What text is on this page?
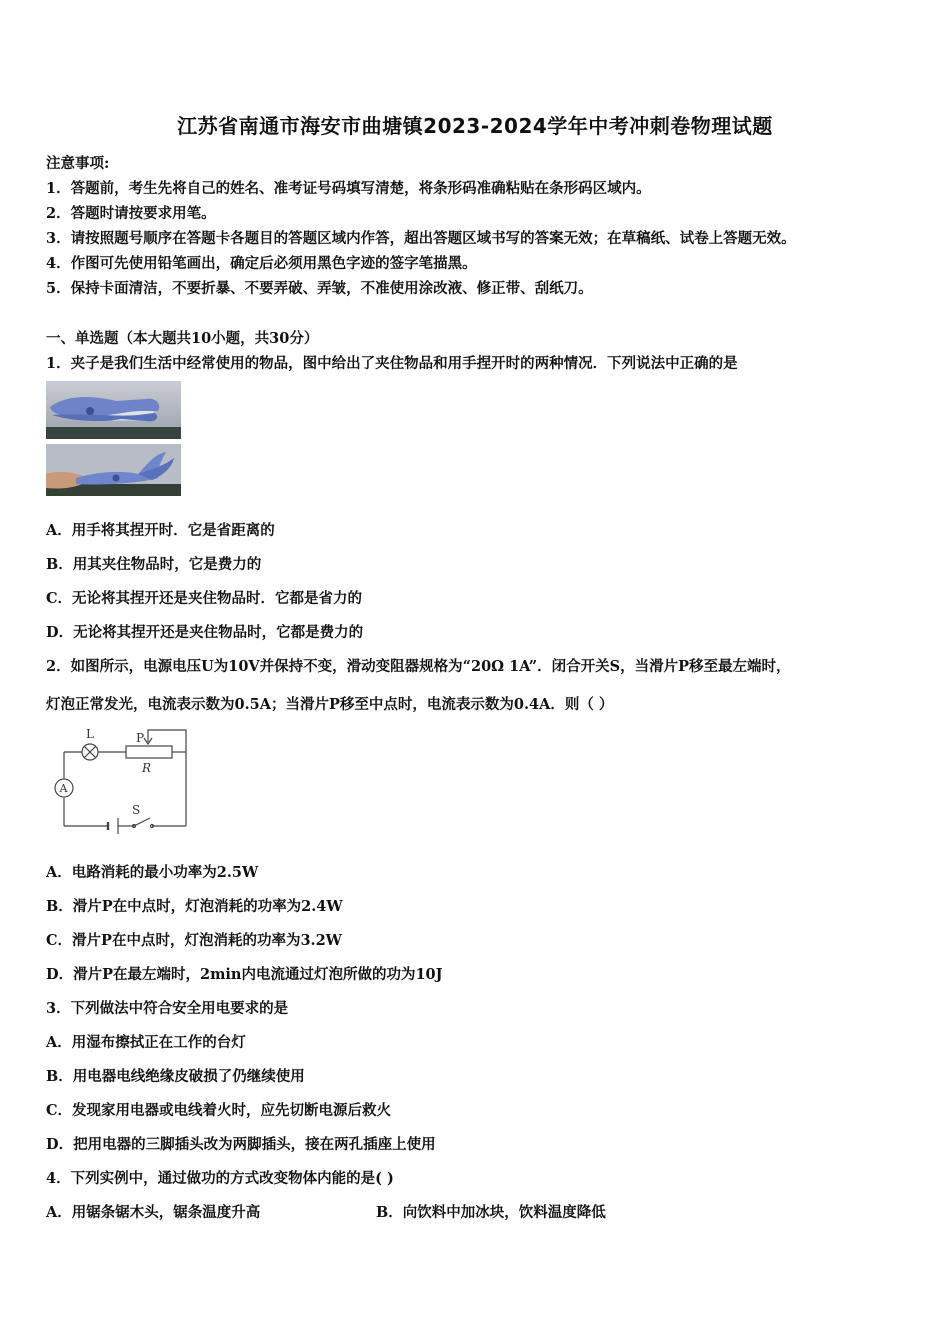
江苏省南通市海安市曲塘镇2023-2024学年中考冲刺卷物理试题
注意事项:
1．答题前，考生先将自己的姓名、准考证号码填写清楚，将条形码准确粘贴在条形码区域内。
2．答题时请按要求用笔。
3．请按照题号顺序在答题卡各题目的答题区域内作答，超出答题区域书写的答案无效；在草稿纸、试卷上答题无效。
4．作图可先使用铅笔画出，确定后必须用黑色字迹的签字笔描黑。
5．保持卡面清洁，不要折暴、不要弄破、弄皱，不准使用涂改液、修正带、刮纸刀。
一、单选题（本大题共10小题，共30分）
1．夹子是我们生活中经常使用的物品，图中给出了夹住物品和用手捏开时的两种情况．下列说法中正确的是
A．用手将其捏开时．它是省距离的
B．用其夹住物品时，它是费力的
C．无论将其捏开还是夹住物品时．它都是省力的
D．无论将其捏开还是夹住物品时，它都是费力的
2．如图所示，电源电压U为10V并保持不变，滑动变阻器规格为“20Ω 1A”．闭合开关S，当滑片P移至最左端时，
灯泡正常发光，电流表示数为0.5A；当滑片P移至中点时，电流表示数为0.4A．则（ ）
L	P
R
A
S
A．电路消耗的最小功率为2.5W
B．滑片P在中点时，灯泡消耗的功率为2.4W
C．滑片P在中点时，灯泡消耗的功率为3.2W
D．滑片P在最左端时，2min内电流通过灯泡所做的功为10J
3．下列做法中符合安全用电要求的是
A．用湿布擦拭正在工作的台灯
B．用电器电线绝缘皮破损了仍继续使用
C．发现家用电器或电线着火时，应先切断电源后救火
D．把用电器的三脚插头改为两脚插头，接在两孔插座上使用
4．下列实例中，通过做功的方式改变物体内能的是( )
A．用锯条锯木头，锯条温度升高	B．向饮料中加冰块，饮料温度降低
